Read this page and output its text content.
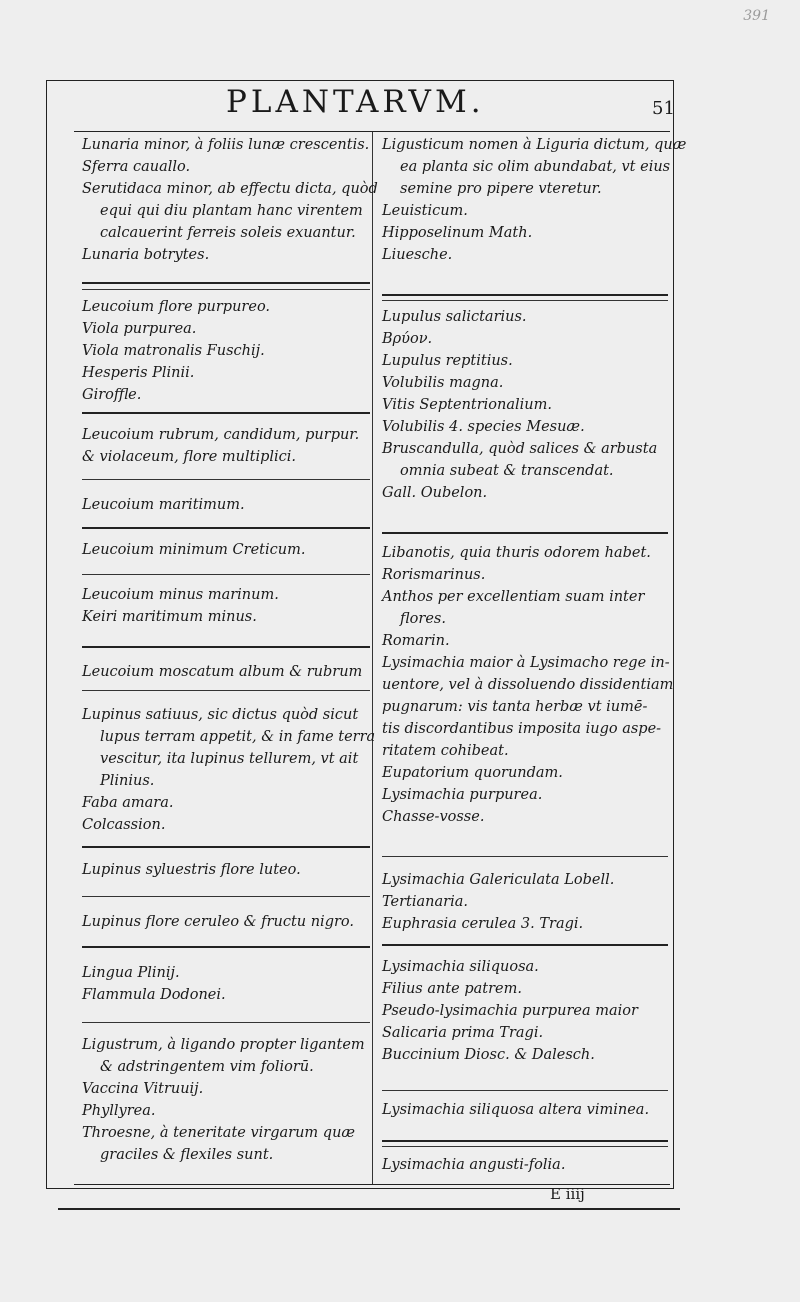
391
PLANTARVM.	51
Lunaria minor, à foliis lunæ crescentis.
Sferra cauallo.
Serutidaca minor, ab effectu dicta, quòd
equi qui diu plantam hanc virentem
calcauerint ferreis soleis exuantur.
Lunaria botrytes.
Leucoium flore purpureo.
Viola purpurea.
Viola matronalis Fuschij.
Hesperis Plinii.
Giroffle.
Leucoium rubrum, candidum, purpur.
& violaceum, flore multiplici.
Leucoium maritimum.
Leucoium minimum Creticum.
Leucoium minus marinum.
Keiri maritimum minus.
Leucoium moscatum album & rubrum
Lupinus satiuus, sic dictus quòd sicut
lupus terram appetit, & in fame terra
vescitur, ita lupinus tellurem, vt ait
Plinius.
Faba amara.
Colcassion.
Lupinus syluestris flore luteo.
Lupinus flore ceruleo & fructu nigro.
Lingua Plinij.
Flammula Dodonei.
Ligustrum, à ligando propter ligantem
& adstringentem vim foliorū.
Vaccina Vitruuij.
Phyllyrea.
Throesne, à teneritate virgarum quæ
graciles & flexiles sunt.
Ligusticum nomen à Liguria dictum, quæ
ea planta sic olim abundabat, vt eius
semine pro pipere vteretur.
Leuisticum.
Hipposelinum Math.
Liuesche.
Lupulus salictarius.
Βρύον.
Lupulus reptitius.
Volubilis magna.
Vitis Septentrionalium.
Volubilis 4. species Mesuæ.
Bruscandulla, quòd salices & arbusta
omnia subeat & transcendat.
Gall. Oubelon.
Libanotis, quia thuris odorem habet.
Rorismarinus.
Anthos per excellentiam suam inter
flores.
Romarin.
Lysimachia maior à Lysimacho rege in-
uentore, vel à dissoluendo dissidentiam
pugnarum: vis tanta herbæ vt iumē-
tis discordantibus imposita iugo aspe-
ritatem cohibeat.
Eupatorium quorundam.
Lysimachia purpurea.
Chasse-vosse.
Lysimachia Galericulata Lobell.
Tertianaria.
Euphrasia cerulea 3. Tragi.
Lysimachia siliquosa.
Filius ante patrem.
Pseudo-lysimachia purpurea maior
Salicaria prima Tragi.
Buccinium Diosc. & Dalesch.
Lysimachia siliquosa altera viminea.
Lysimachia angusti-folia.
E iiij
